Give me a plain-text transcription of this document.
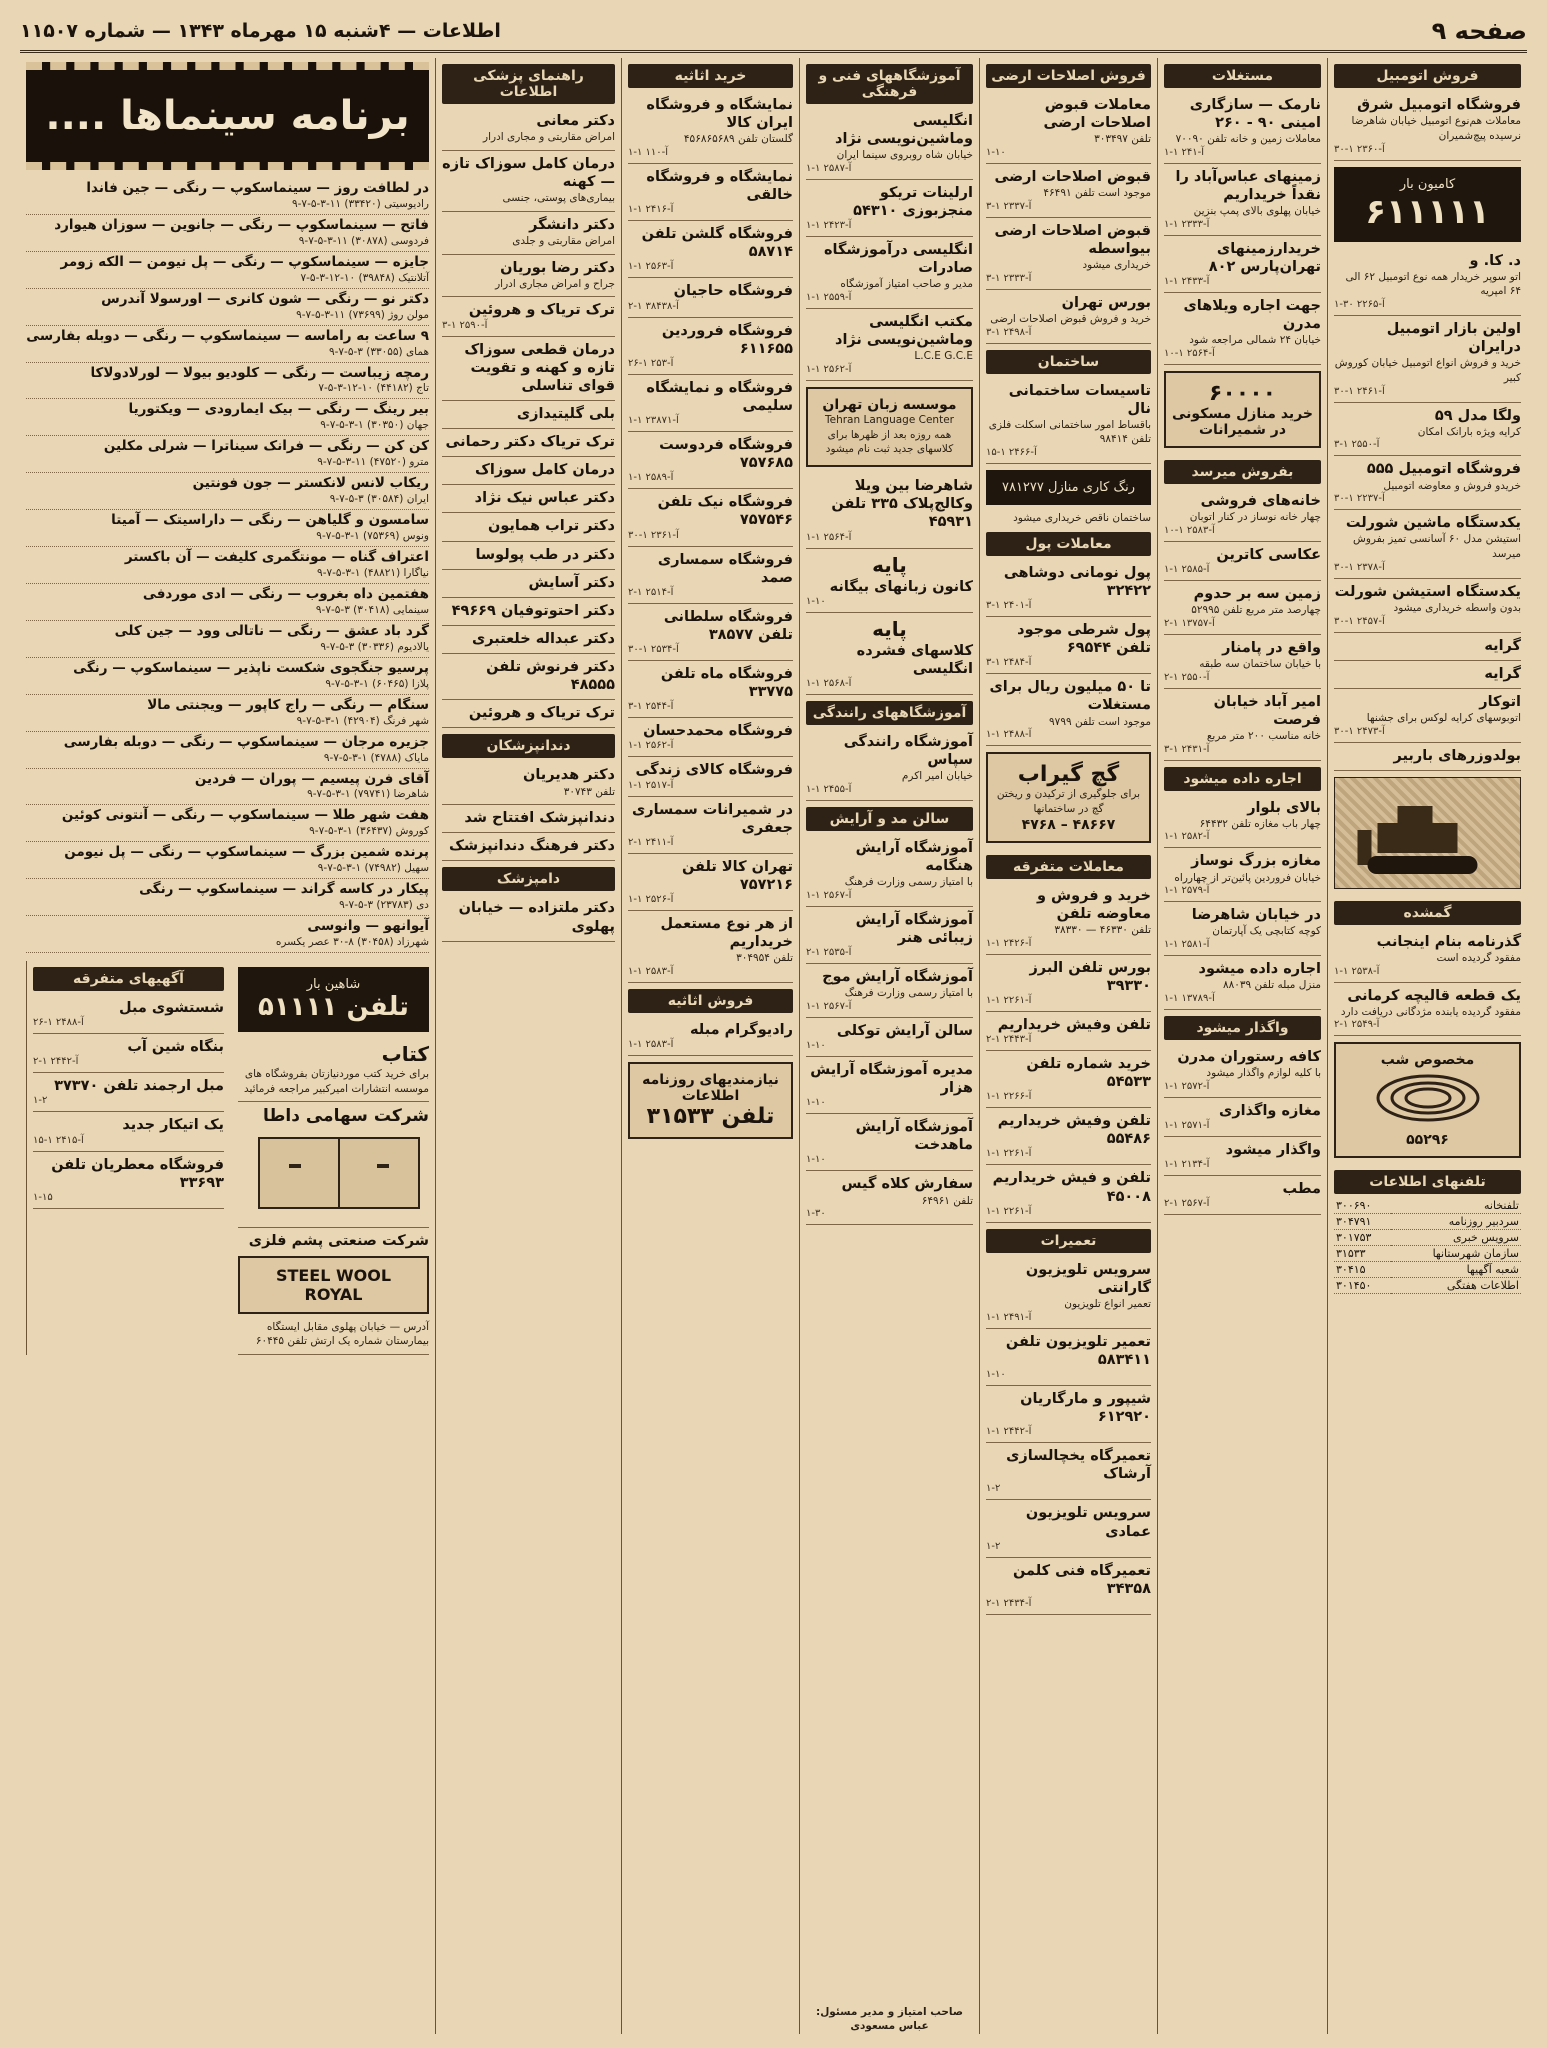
اطلاعات — ۴شنبه ۱۵ مهرماه ۱۳۴۳ — شماره ۱۱۵۰۷	صفحه ۹
فروش اتومبیل
فروشگاه اتومبیل شرق
معاملات هم‌نوع اتومبیل خیابان شاهرضا نرسیده پیچ‌شمیران
آ-۲۳۶۰ ۱-۳۰
کامیون بار
۶۱۱۱۱۱
د. کا. و
اتو سوپر خریدار همه نوع اتومبیل ۶۲ الی ۶۴ امپریه
آ-۲۲۶۵ ۳۰-۱
اولین بازار اتومبیل درایران
خرید و فروش انواع اتومبیل خیابان کوروش کبیر
آ-۲۴۶۱ ۱-۳۰
ولگا مدل ۵۹
کرایه ویژه بارانک امکان
آ-۲۵۵۰ ۱-۳
فروشگاه اتومبیل ۵۵۵
خریدو فروش و معاوضه اتومبیل
آ-۲۲۳۷ ۱-۳۰
یکدستگاه ماشین شورلت
استیشن مدل ۶۰ آسانسی تمیز بفروش میرسد
آ-۲۳۷۸ ۱-۳۰
یکدستگاه استیشن شورلت
بدون واسطه خریداری میشود
آ-۲۴۵۷ ۱-۳۰
گرایه
گرایه
اتوکار
اتوبوسهای کرایه لوکس برای جشنها
آ-۲۴۷۳ ۱-۳۰
بولدوزرهای باربیر
گمشده
گذرنامه بنام اینجانب
مفقود گردیده است
آ-۲۵۳۸ ۱-۱
یک قطعه قالیچه کرمانی
مفقود گردیده یابنده مژدگانی دریافت دارد
آ-۲۵۴۹ ۱-۲
مخصوص شب
۵۵۲۹۶
تلفنهای اطلاعات
تلفنخانه	۳۰۰۶۹۰
سردبیر روزنامه	۳۰۴۷۹۱
سرویس خبری	۳۰۱۷۵۳
سازمان شهرستانها	۳۱۵۳۳
شعبه آگهیها	۳۰۴۱۵
اطلاعات هفتگی	۳۰۱۴۵۰
مستغلات
نارمک — سازگاری امینی ۹۰ - ۲۶۰
معاملات زمین و خانه تلفن ۷۰۰۹۰
آ-۲۴۱ ۱-۱
زمینهای عباس‌آباد را نقداً خریداریم
خیابان پهلوی بالای پمپ بنزین
آ-۲۳۳۳ ۱-۱
خریدارزمینهای تهران‌پارس ۸۰۲
آ-۲۴۳۳ ۱-۱
جهت اجاره ویلاهای مدرن
خیابان ۲۴ شمالی مراجعه شود
آ-۲۵۶۴ ۱-۱۰
۶۰۰۰۰
خرید منازل مسکونی در شمیرانات
بفروش میرسد
خانه‌های فروشی
چهار خانه نوساز در کنار اتوبان
آ-۲۵۸۳ ۱-۱۰
عکاسی کاترین
آ-۲۵۸۵ ۱-۱
زمین سه بر حدوم
چهارصد متر مربع تلفن ۵۲۹۹۵
آ-۱۳۷۵۷ ۱-۲
واقع در پامنار
با خیابان ساختمان سه طبقه
آ-۲۵۵۰ ۱-۲
امیر آباد خیابان فرصت
خانه مناسب ۲۰۰ متر مربع
آ-۲۴۳۱ ۱-۳
اجاره داده میشود
بالای بلوار
چهار باب مغازه تلفن ۶۴۴۳۲
آ-۲۵۸۲ ۱-۱
مغازه بزرگ نوساز
خیابان فروردین پائین‌تر از چهارراه
آ-۲۵۷۹ ۱-۱
در خیابان شاهرضا
کوچه کتابچی یک آپارتمان
آ-۲۵۸۱ ۱-۱
اجاره داده میشود
منزل مبله تلفن ۸۸۰۳۹
آ-۱۳۷۸۹ ۱-۱
واگذار میشود
کافه رستوران مدرن
با کلیه لوازم واگذار میشود
آ-۲۵۷۲ ۱-۱
مغازه واگذاری
آ-۲۵۷۱ ۱-۱
واگذار میشود
آ-۲۱۳۴ ۱-۱
مطب
آ-۲۵۶۷ ۱-۲
فروش اصلاحات ارضی
معاملات قبوض اصلاحات ارضی
تلفن ۳۰۳۴۹۷
۱-۱۰
قبوض اصلاحات ارضی
موجود است تلفن ۴۶۴۹۱
آ-۲۳۳۷ ۱-۳
قبوض اصلاحات ارضی بیواسطه
خریداری میشود
آ-۲۳۳۳ ۱-۳
بورس تهران
خرید و فروش قبوض اصلاحات ارضی
آ-۲۴۹۸ ۱-۳
ساختمان
تاسیسات ساختمانی نال
باقساط امور ساختمانی اسکلت فلزی تلفن ۹۸۴۱۴
آ-۲۴۶۶ ۱-۱۵
رنگ کاری منازل ۷۸۱۲۷۷
ساختمان ناقص خریداری میشود
معاملات پول
پول نومانی دوشاهی ۳۲۴۲۲
آ-۲۴۰۱ ۱-۳
پول شرطی موجود تلفن ۶۹۵۴۴
آ-۲۴۸۴ ۱-۳
تا ۵۰ میلیون ریال برای مستغلات
موجود است تلفن ۹۷۹۹
آ-۲۴۸۸ ۱-۱
گچ گیراب
برای جلوگیری از ترکیدن و ریختن گچ در ساختمانها
۴۸۶۶۷ – ۴۷۶۸
معاملات متفرقه
خرید و فروش و معاوضه تلفن
تلفن ۴۶۳۳۰ — ۳۸۳۳۰
آ-۲۴۲۶ ۱-۱
بورس تلفن البرز ۳۹۳۳۰
آ-۲۲۶۱ ۱-۱
تلفن وفیش خریداریم
آ-۲۴۴۳ ۱-۲
خرید شماره تلفن ۵۴۵۳۳
آ-۲۲۶۶ ۱-۱
تلفن وفیش خریداریم ۵۵۴۸۶
آ-۲۲۶۱ ۱-۱
تلفن و فیش خریداریم ۴۵۰۰۸
آ-۲۲۶۱ ۱-۱
تعمیرات
سرویس تلویزیون گارانتی
تعمیر انواع تلویزیون
آ-۲۴۹۱ ۱-۱
تعمیر تلویزیون تلفن ۵۸۳۴۱۱
۱-۱۰
شیپور و مارگاریان ۶۱۲۹۲۰
آ-۲۴۴۲ ۱-۱
تعمیرگاه یخچالسازی آرشاک
۱-۲
سرویس تلویزیون عمادی
۱-۲
تعمیرگاه فنی کلمن ۳۴۳۵۸
آ-۲۴۳۴ ۱-۲
آموزشگاههای فنی و فرهنگی
انگلیسی وماشین‌نویسی نژاد
خیابان شاه روبروی سینما ایران
آ-۲۵۸۷ ۱-۱
ارلینات تریکو منجزبوزی ۵۴۳۱۰
آ-۲۴۲۳ ۱-۱
انگلیسی درآموزشگاه صادرات
مدیر و صاحب امتیاز آموزشگاه
آ-۲۵۵۹ ۱-۱
مکتب انگلیسی وماشین‌نویسی نژاد
L.C.E G.C.E
آ-۲۵۶۲ ۱-۱
موسسه زبان تهران
Tehran Language Center
همه روزه بعد از ظهرها برای کلاسهای جدید ثبت نام میشود
شاهرضا بین ویلا وکالج‌پلاک ۳۳۵ تلفن ۴۵۹۳۱
آ-۲۵۶۴ ۱-۱
پایه
کانون زبانهای بیگانه
۱-۱۰
پایه
کلاسهای فشرده انگلیسی
آ-۲۵۶۸ ۱-۱
آموزشگاههای رانندگی
آموزشگاه رانندگی سپاس
خیابان امیر اکرم
آ-۲۴۵۵ ۱-۱
سالن مد و آرایش
آموزشگاه آرایش هنگامه
با امتیاز رسمی وزارت فرهنگ
آ-۲۵۶۷ ۱-۱
آموزشگاه آرایش زیبائی هنر
آ-۲۵۳۵ ۱-۲
آموزشگاه آرایش موج
با امتیاز رسمی وزارت فرهنگ
آ-۲۵۶۷ ۱-۱
سالن آرایش توکلی
۱-۱۰
مدیره آموزشگاه آرایش هزار
۱-۱۰
آموزشگاه آرایش ماهدخت
۱-۱۰
سفارش کلاه گیس
تلفن ۶۴۹۶۱
۱-۳۰
صاحب امتیاز و مدیر مسئول: عباس مسعودی
خرید اثاثیه
نمایشگاه و فروشگاه ایران کالا
گلستان تلفن ۴۵۶۸۶۵۶۸۹
آ-۱۱۰ ۱-۱
نمایشگاه و فروشگاه خالقی
آ-۲۴۱۶ ۱-۱
فروشگاه گلشن تلفن ۵۸۷۱۴
آ-۲۵۶۳ ۱-۱
فروشگاه حاجیان
آ-۳۸۴۳۸ ۱-۲
فروشگاه فروردین ۶۱۱۶۵۵
آ-۲۵۳ ۱-۲۶
فروشگاه و نمایشگاه سلیمی
آ-۲۳۸۷۱ ۱-۱
فروشگاه فردوست ۷۵۷۶۸۵
آ-۲۵۸۹ ۱-۱
فروشگاه نیک تلفن ۷۵۷۵۴۶
آ-۲۳۶۱ ۱-۳۰
فروشگاه سمساری صمد
آ-۲۵۱۴ ۱-۲
فروشگاه سلطانی تلفن ۳۸۵۷۷
آ-۲۵۳۴ ۱-۳۰
فروشگاه ماه تلفن ۳۳۷۷۵
آ-۲۵۴۴ ۱-۳
فروشگاه محمدحسان
آ-۲۵۶۲ ۱-۱
فروشگاه کالای زندگی
آ-۲۵۱۷ ۱-۱
در شمیرانات سمساری جعفری
آ-۲۴۱۱ ۱-۲
تهران کالا تلفن ۷۵۷۲۱۶
آ-۲۵۲۶ ۱-۱
از هر نوع مستعمل خریداریم
تلفن ۳۰۴۹۵۴
آ-۲۵۸۳ ۱-۱
فروش اثاثیه
رادیوگرام مبله
آ-۲۵۸۳ ۱-۱
نیازمندیهای روزنامه اطلاعات
تلفن ۳۱۵۳۳
راهنمای پزشکی اطلاعات
دکتر معانی
امراض مقاربتی و مجاری ادرار
درمان کامل سوزاک تازه — کهنه
بیماری‌های پوستی، جنسی
دکتر دانشگر
امراض مقاربتی و جلدی
دکتر رضا بوریان
جراح و امراض مجاری ادرار
ترک تریاک و هروئین
آ-۲۵۹۰ ۱-۳
درمان قطعی سوزاک تازه و کهنه و تقویت قوای تناسلی
بلی گلیتیدازی
ترک تریاک دکتر رحمانی
درمان کامل سوزاک
دکتر عباس نیک نژاد
دکتر تراب همایون
دکتر در طب پولوسا
دکتر آسایش
دکتر احتوتوفیان ۴۹۶۶۹
دکتر عبداله خلعتبری
دکتر فرنوش تلفن ۴۸۵۵۵
ترک تریاک و هروئین
دندانپزشکان
دکتر هدیریان
تلفن ۳۰۷۴۳
دندانپزشک افتتاح شد
دکتر فرهنگ دندانپزشک
دامپزشک
دکتر ملتزاده — خیابان پهلوی
برنامه سینماها ....
در لطافت روز — سینماسکوپ — رنگی — جین فاندا
رادیوسیتی (۳۳۴۲۰) ۱۱-۳-۵-۷-۹
فاتح — سینماسکوپ — رنگی — جانوین — سوزان هیوارد
فردوسی (۳۰۸۷۸) ۱۱-۳-۵-۷-۹
جایزه — سینماسکوپ — رنگی — پل نیومن — الکه زومر
آتلانتیک (۳۹۸۴۸) ۱۰-۱۲-۳-۵-۷
دکتر نو — رنگی — شون کانری — اورسولا آندرس
مولن روژ (۷۳۶۹۹) ۱۱-۳-۵-۷-۹
۹ ساعت به راماسه — سینماسکوپ — رنگی — دوبله بفارسی
همای (۳۳۰۵۵) ۳-۵-۷-۹
رمچه زیباست — رنگی — کلودیو بیولا — لورلادولاکا
تاج (۴۴۱۸۲) ۱۰-۱۲-۳-۵-۷
بیر رینگ — رنگی — بیک ایمارودی — ویکتوریا
جهان (۳۰۳۵۰) ۱-۳-۵-۷-۹
کن کن — رنگی — فرانک سیناترا — شرلی مکلین
مترو (۴۷۵۲۰) ۱۱-۳-۵-۷-۹
ریکاب لانس لانکستر — جون فونتین
ایران (۳۰۵۸۴) ۳-۵-۷-۹
سامسون و گلیاهن — رنگی — داراسیتک — آمیتا
ونوس (۷۵۳۶۹) ۱-۳-۵-۷-۹
اعتراف گناه — مونتگمری کلیفت — آن باکستر
نیاگارا (۴۸۸۲۱) ۱-۳-۵-۷-۹
هفتمین داه بغروب — رنگی — ادی موردفی
سینمایی (۳۰۴۱۸) ۳-۵-۷-۹
گرد باد عشق — رنگی — ناتالی وود — جین کلی
یالادیوم (۳۰۳۳۶) ۳-۵-۷-۹
پرسیو جنگجوی شکست ناپذیر — سینماسکوپ — رنگی
پلازا (۶۰۴۶۵) ۱-۳-۵-۷-۹
سنگام — رنگی — راج کاپور — ویجنتی مالا
شهر فرنگ (۴۲۹۰۴) ۱-۳-۵-۷-۹
جزیره مرجان — سینماسکوپ — رنگی — دوبله بفارسی
مایاک (۴۷۸۸) ۱-۳-۵-۷-۹
آقای فرن پیسیم — پوران — فردین
شاهرضا (۷۹۷۴۱) ۱-۳-۵-۷-۹
هفت شهر طلا — سینماسکوپ — رنگی — آنتونی کوئین
کوروش (۳۶۴۳۷) ۱-۳-۵-۷-۹
پرنده شمین بزرگ — سینماسکوپ — رنگی — پل نیومن
سهیل (۷۴۹۸۲) ۱-۳-۵-۷-۹
پیکار در کاسه گراند — سینماسکوپ — رنگی
دی (۲۳۷۸۳) ۳-۵-۷-۹
آیوانهو — وانوسی
شهرزاد (۳۰۴۵۸) ۸-۳۰ عصر یکسره
آگهیهای متفرقه
شستشوی مبل
آ-۲۴۸۸ ۱-۲۶
بنگاه شین آب
آ-۲۴۴۲ ۱-۲
مبل ارجمند تلفن ۳۷۳۷۰
۱-۲
یک اتیکار جدید
آ-۲۴۱۵ ۱-۱۵
فروشگاه معطریان تلفن ۳۳۶۹۳
۱-۱۵
شاهین بار
تلفن ۵۱۱۱۱
کتاب
برای خرید کتب موردنیازتان بفروشگاه های موسسه انتشارات امیرکبیر مراجعه فرمائید
شرکت سهامی داطا
شرکت صنعتی پشم فلزی
STEEL WOOL ROYAL
آدرس — خیابان پهلوی مقابل ایستگاه بیمارستان شماره یک ارتش تلفن ۶۰۴۴۵
